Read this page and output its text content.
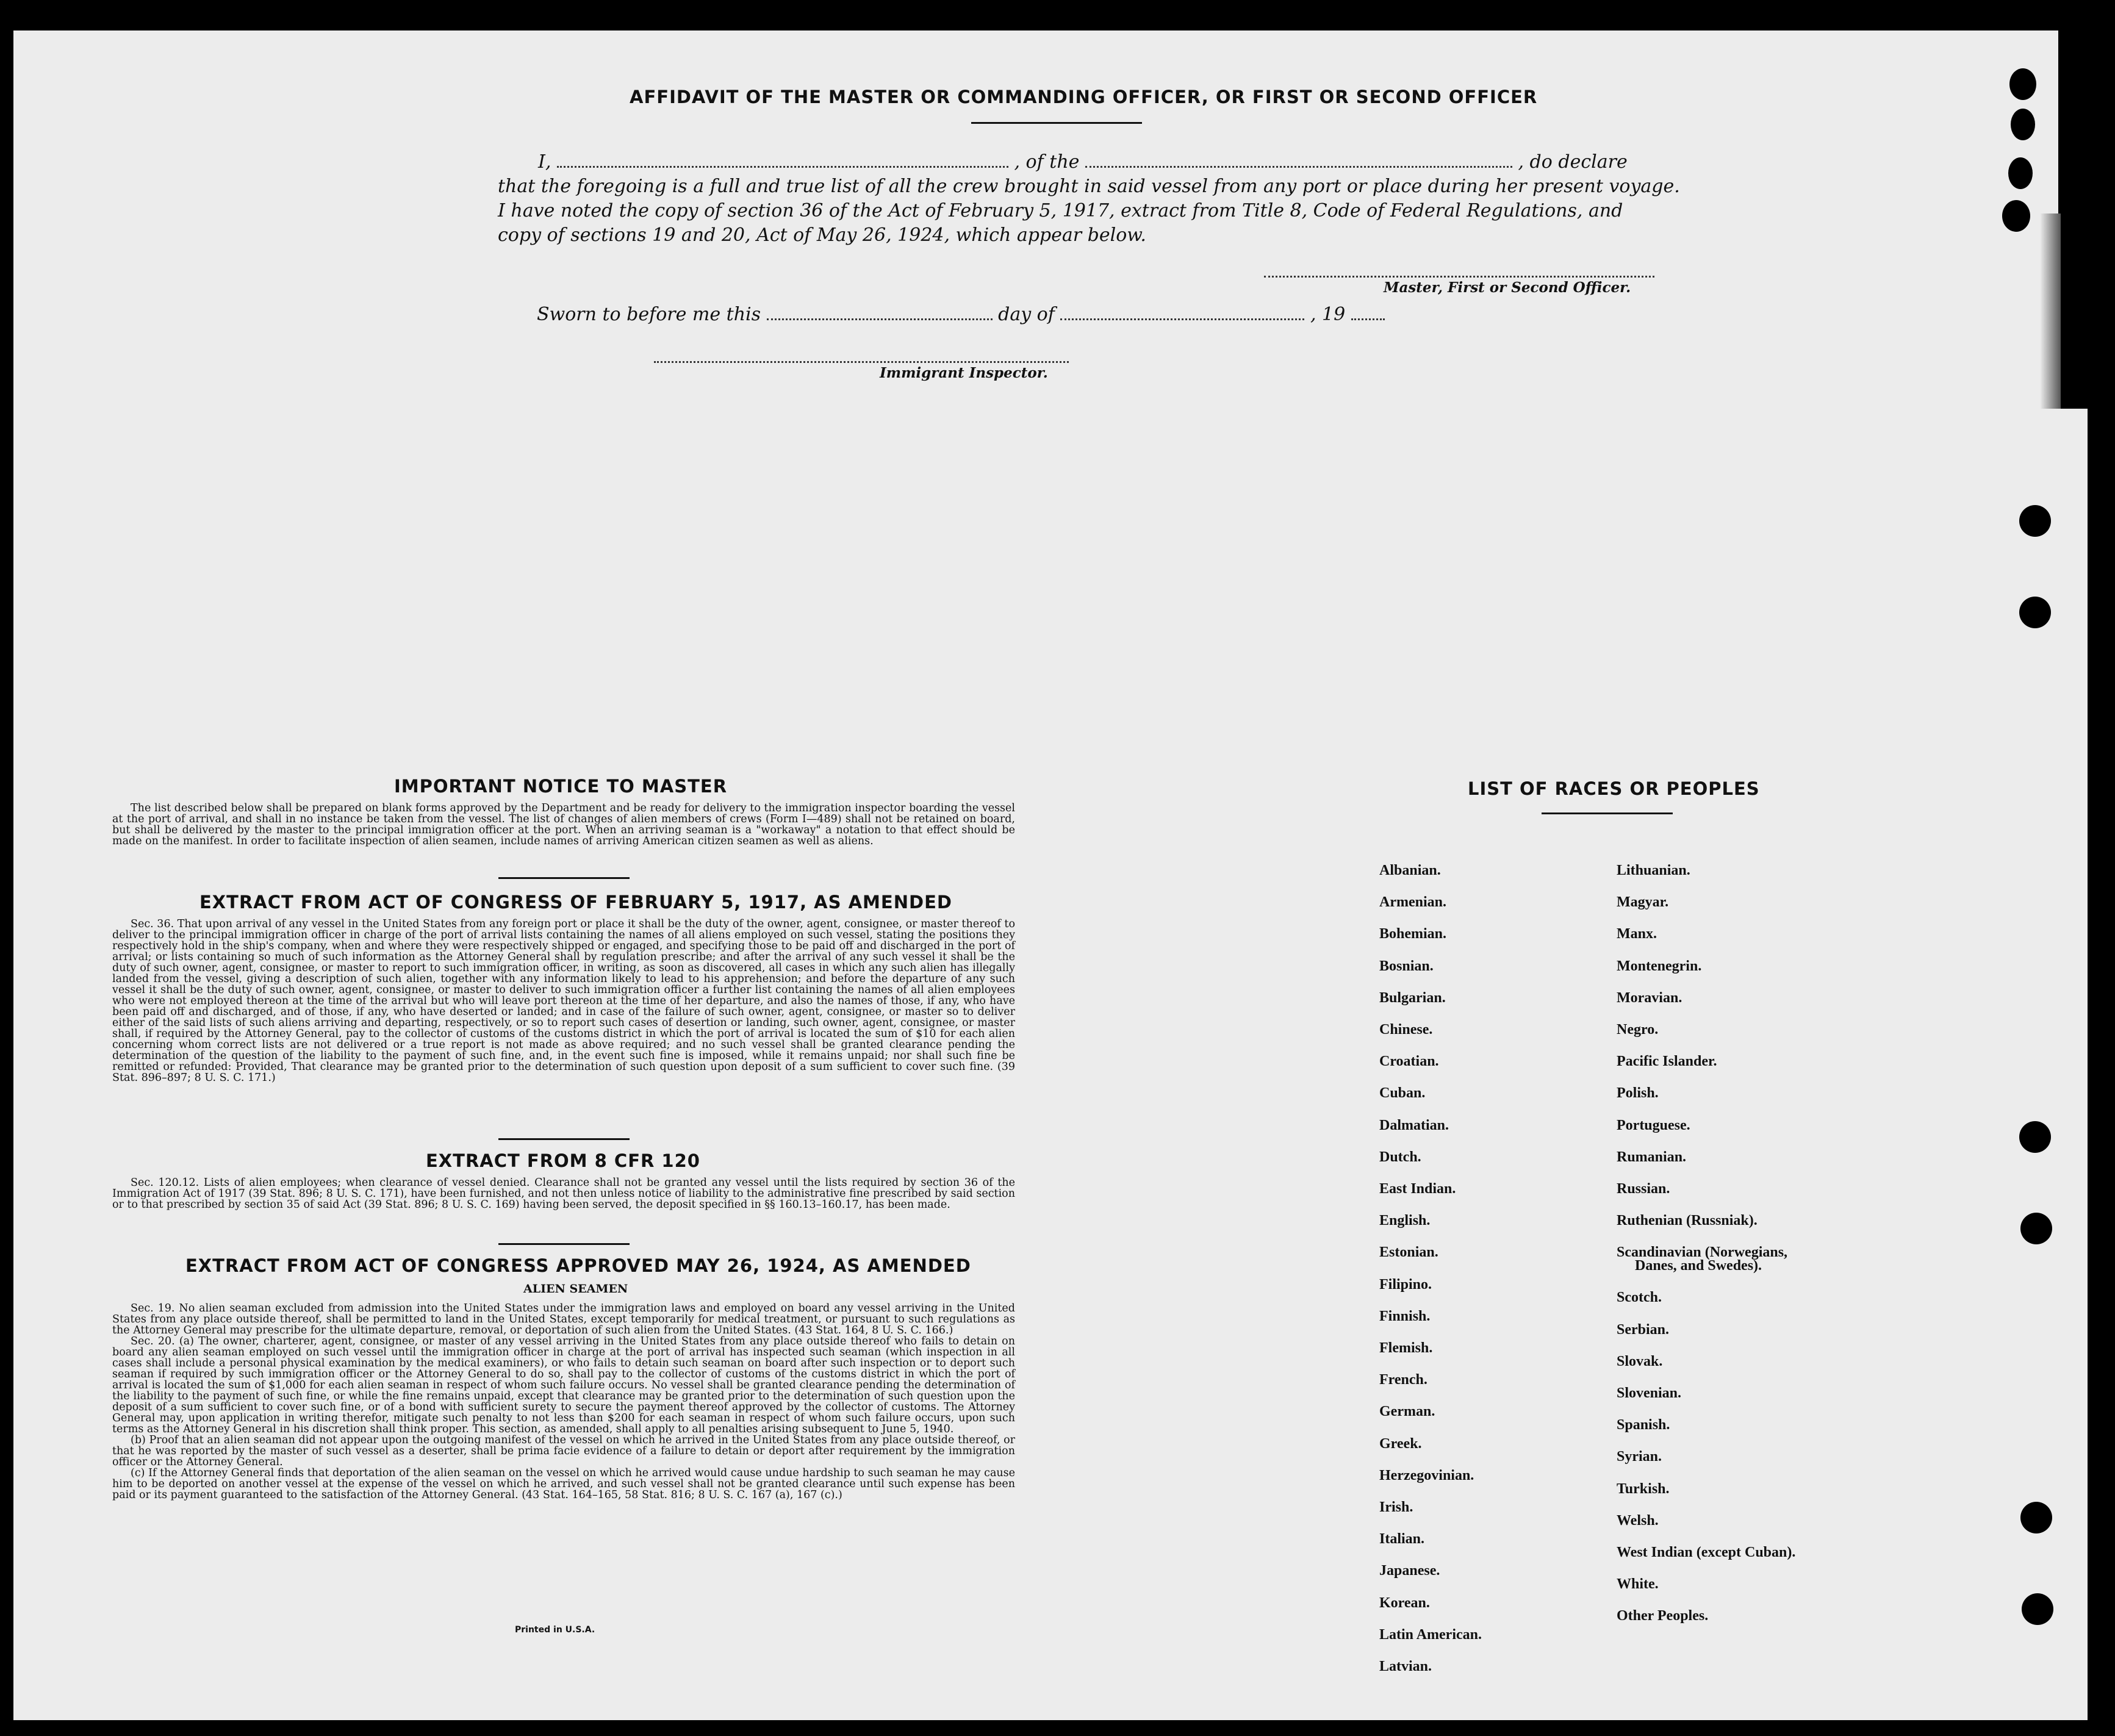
AFFIDAVIT OF THE MASTER OR COMMANDING OFFICER, OR FIRST OR SECOND OFFICER
I,	, of the	, do declare
that the foregoing is a full and true list of all the crew brought in said vessel from any port or place during her present voyage.
I have noted the copy of section 36 of the Act of February 5, 1917, extract from Title 8, Code of Federal Regulations, and
copy of sections 19 and 20, Act of May 26, 1924, which appear below.
Master, First or Second Officer.
Sworn to before me this	day of	, 19
Immigrant Inspector.
IMPORTANT NOTICE TO MASTER

The list described below shall be prepared on blank forms approved by the Department and be ready for delivery to the immigration inspector boarding the vessel at the port of arrival, and shall in no instance be taken from the vessel. The list of changes of alien members of crews (Form I—489) shall not be retained on board, but shall be delivered by the master to the principal immigration officer at the port. When an arriving seaman is a "workaway" a notation to that effect should be made on the manifest. In order to facilitate inspection of alien seamen, include names of arriving American citizen seamen as well as aliens.

EXTRACT FROM ACT OF CONGRESS OF FEBRUARY 5, 1917, AS AMENDED

Sec. 36. That upon arrival of any vessel in the United States from any foreign port or place it shall be the duty of the owner, agent, consignee, or master thereof to deliver to the principal immigration officer in charge of the port of arrival lists containing the names of all aliens employed on such vessel, stating the positions they respectively hold in the ship's company, when and where they were respectively shipped or engaged, and specifying those to be paid off and discharged in the port of arrival; or lists containing so much of such information as the Attorney General shall by regulation prescribe; and after the arrival of any such vessel it shall be the duty of such owner, agent, consignee, or master to report to such immigration officer, in writing, as soon as discovered, all cases in which any such alien has illegally landed from the vessel, giving a description of such alien, together with any information likely to lead to his apprehension; and before the departure of any such vessel it shall be the duty of such owner, agent, consignee, or master to deliver to such immigration officer a further list containing the names of all alien employees who were not employed thereon at the time of the arrival but who will leave port thereon at the time of her departure, and also the names of those, if any, who have been paid off and discharged, and of those, if any, who have deserted or landed; and in case of the failure of such owner, agent, consignee, or master so to deliver either of the said lists of such aliens arriving and departing, respectively, or so to report such cases of desertion or landing, such owner, agent, consignee, or master shall, if required by the Attorney General, pay to the collector of customs of the customs district in which the port of arrival is located the sum of $10 for each alien concerning whom correct lists are not delivered or a true report is not made as above required; and no such vessel shall be granted clearance pending the determination of the question of the liability to the payment of such fine, and, in the event such fine is imposed, while it remains unpaid; nor shall such fine be remitted or refunded: Provided, That clearance may be granted prior to the determination of such question upon deposit of a sum sufficient to cover such fine. (39 Stat. 896–897; 8 U. S. C. 171.)

EXTRACT FROM 8 CFR 120

Sec. 120.12. Lists of alien employees; when clearance of vessel denied. Clearance shall not be granted any vessel until the lists required by section 36 of the Immigration Act of 1917 (39 Stat. 896; 8 U. S. C. 171), have been furnished, and not then unless notice of liability to the administrative fine prescribed by said section or to that prescribed by section 35 of said Act (39 Stat. 896; 8 U. S. C. 169) having been served, the deposit specified in §§ 160.13–160.17, has been made.

EXTRACT FROM ACT OF CONGRESS APPROVED MAY 26, 1924, AS AMENDED
ALIEN SEAMEN

Sec. 19. No alien seaman excluded from admission into the United States under the immigration laws and employed on board any vessel arriving in the United States from any place outside thereof, shall be permitted to land in the United States, except temporarily for medical treatment, or pursuant to such regulations as the Attorney General may prescribe for the ultimate departure, removal, or deportation of such alien from the United States. (43 Stat. 164, 8 U. S. C. 166.)

Sec. 20. (a) The owner, charterer, agent, consignee, or master of any vessel arriving in the United States from any place outside thereof who fails to detain on board any alien seaman employed on such vessel until the immigration officer in charge at the port of arrival has inspected such seaman (which inspection in all cases shall include a personal physical examination by the medical examiners), or who fails to detain such seaman on board after such inspection or to deport such seaman if required by such immigration officer or the Attorney General to do so, shall pay to the collector of customs of the customs district in which the port of arrival is located the sum of $1,000 for each alien seaman in respect of whom such failure occurs. No vessel shall be granted clearance pending the determination of the liability to the payment of such fine, or while the fine remains unpaid, except that clearance may be granted prior to the determination of such question upon the deposit of a sum sufficient to cover such fine, or of a bond with sufficient surety to secure the payment thereof approved by the collector of customs. The Attorney General may, upon application in writing therefor, mitigate such penalty to not less than $200 for each seaman in respect of whom such failure occurs, upon such terms as the Attorney General in his discretion shall think proper. This section, as amended, shall apply to all penalties arising subsequent to June 5, 1940.

(b) Proof that an alien seaman did not appear upon the outgoing manifest of the vessel on which he arrived in the United States from any place outside thereof, or that he was reported by the master of such vessel as a deserter, shall be prima facie evidence of a failure to detain or deport after requirement by the immigration officer or the Attorney General.

(c) If the Attorney General finds that deportation of the alien seaman on the vessel on which he arrived would cause undue hardship to such seaman he may cause him to be deported on another vessel at the expense of the vessel on which he arrived, and such vessel shall not be granted clearance until such expense has been paid or its payment guaranteed to the satisfaction of the Attorney General. (43 Stat. 164–165, 58 Stat. 816; 8 U. S. C. 167 (a), 167 (c).)

Printed in U.S.A.
LIST OF RACES OR PEOPLES
Albanian.
Armenian.
Bohemian.
Bosnian.
Bulgarian.
Chinese.
Croatian.
Cuban.
Dalmatian.
Dutch.
East Indian.
English.
Estonian.
Filipino.
Finnish.
Flemish.
French.
German.
Greek.
Herzegovinian.
Irish.
Italian.
Japanese.
Korean.
Latin American.
Latvian.
Lithuanian.
Magyar.
Manx.
Montenegrin.
Moravian.
Negro.
Pacific Islander.
Polish.
Portuguese.
Rumanian.
Russian.
Ruthenian (Russniak).
Scandinavian (Norwegians,
Danes, and Swedes).
Scotch.
Serbian.
Slovak.
Slovenian.
Spanish.
Syrian.
Turkish.
Welsh.
West Indian (except Cuban).
White.
Other Peoples.
